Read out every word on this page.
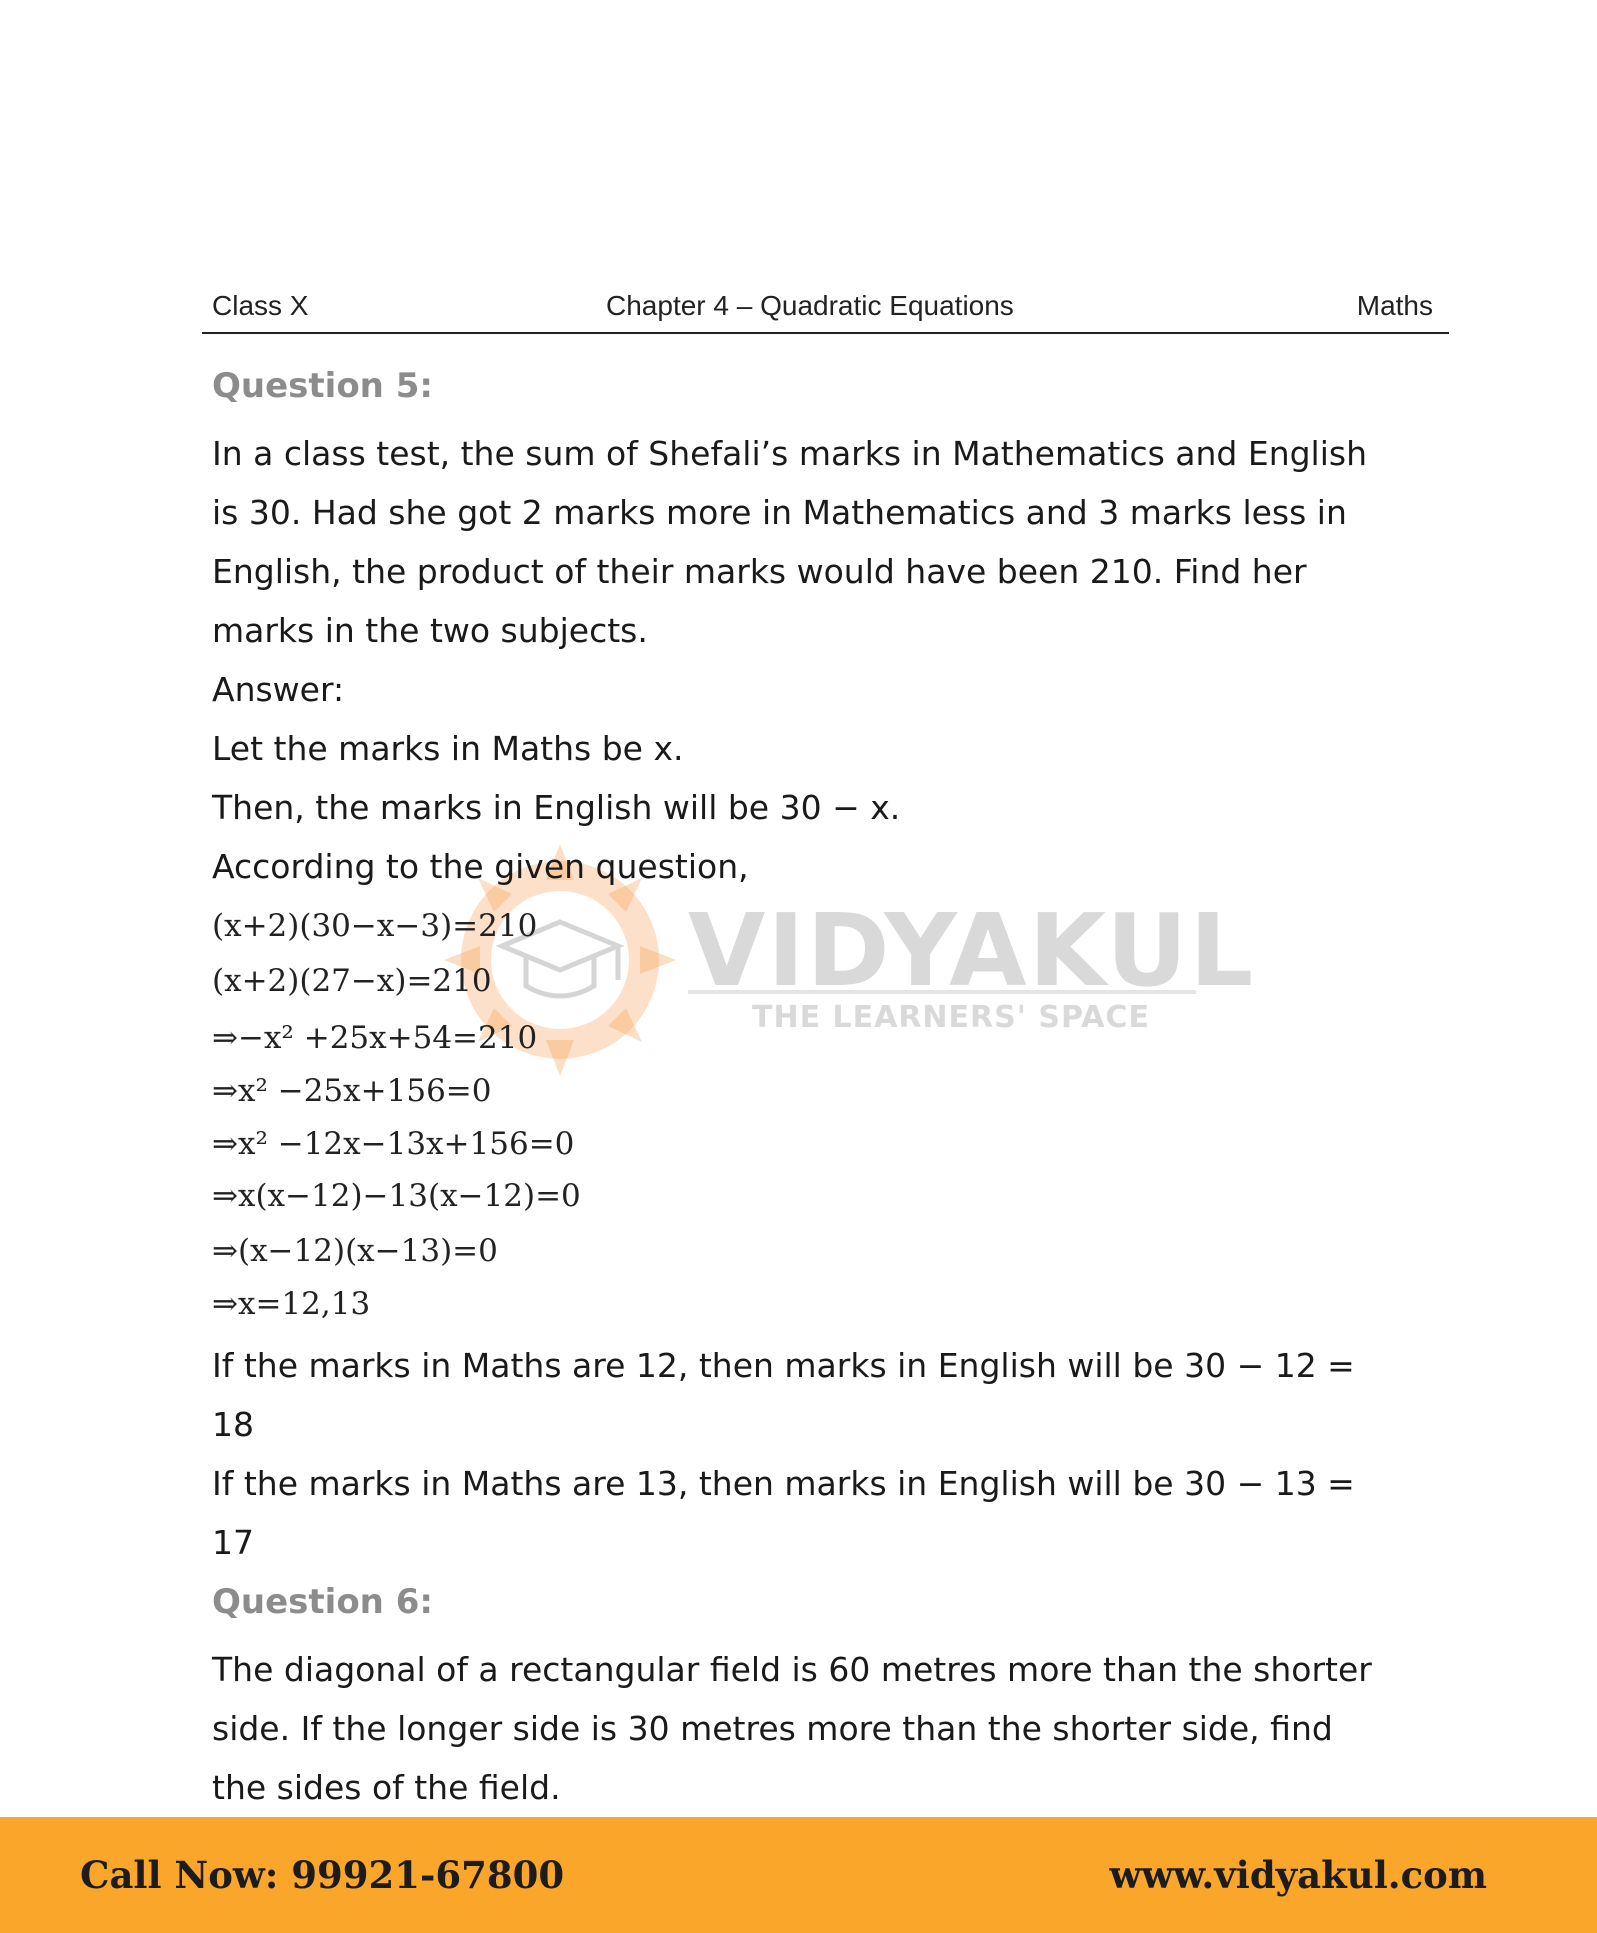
Class X	Chapter 4 – Quadratic Equations	Maths
VIDYAKUL
THE LEARNERS' SPACE
Question 5:

In a class test, the sum of Shefali’s marks in Mathematics and English is 30. Had she got 2 marks more in Mathematics and 3 marks less in English, the product of their marks would have been 210. Find her marks in the two subjects.

Answer:
Let the marks in Maths be x.
Then, the marks in English will be 30 − x.
According to the given question,
(x+2)(30−x−3)=210
(x+2)(27−x)=210
⇒−x² +25x+54=210
⇒x² −25x+156=0
⇒x² −12x−13x+156=0
⇒x(x−12)−13(x−12)=0
⇒(x−12)(x−13)=0
⇒x=12,13

If the marks in Maths are 12, then marks in English will be 30 − 12 = 18

If the marks in Maths are 13, then marks in English will be 30 − 13 = 17

Question 6:

The diagonal of a rectangular field is 60 metres more than the shorter side. If the longer side is 30 metres more than the shorter side, find the sides of the field.

Call Now: 99921-67800	www.vidyakul.com
